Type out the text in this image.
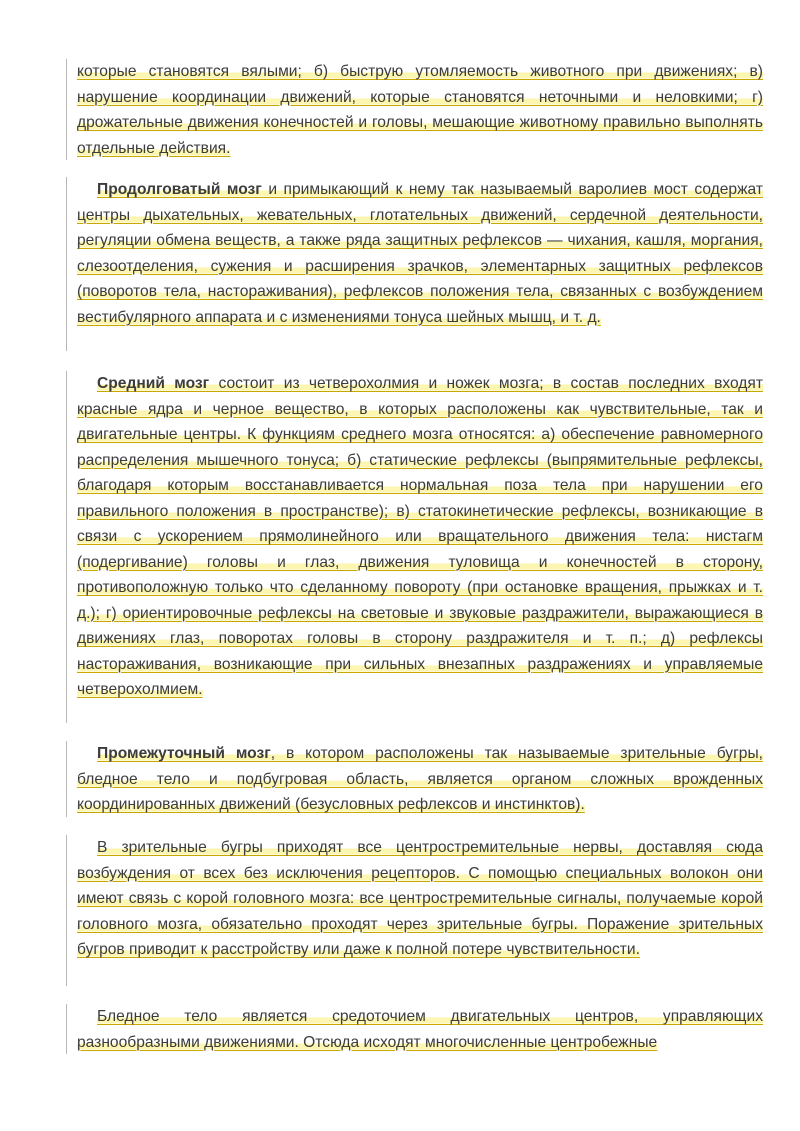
которые становятся вялыми; б) быструю утомляемость животного при движениях; в) нарушение координации движений, которые становятся неточными и неловкими; г) дрожательные движения конечностей и головы, мешающие животному правильно выполнять отдельные действия.
Продолговатый мозг и примыкающий к нему так называемый варолиев мост содержат центры дыхательных, жевательных, глотательных движений, сердечной деятельности, регуляции обмена веществ, а также ряда защитных рефлексов — чихания, кашля, моргания, слезоотделения, сужения и расширения зрачков, элементарных защитных рефлексов (поворотов тела, настораживания), рефлексов положения тела, связанных с возбуждением вестибулярного аппарата и с изменениями тонуса шейных мышц, и т. д.
Средний мозг состоит из четверохолмия и ножек мозга; в состав последних входят красные ядра и черное вещество, в которых расположены как чувствительные, так и двигательные центры. К функциям среднего мозга относятся: а) обеспечение равномерного распределения мышечного тонуса; б) статические рефлексы (выпрямительные рефлексы, благодаря которым восстанавливается нормальная поза тела при нарушении его правильного положения в пространстве); в) статокинетические рефлексы, возникающие в связи с ускорением прямолинейного или вращательного движения тела: нистагм (подергивание) головы и глаз, движения туловища и конечностей в сторону, противоположную только что сделанному повороту (при остановке вращения, прыжках и т. д.); г) ориентировочные рефлексы на световые и звуковые раздражители, выражающиеся в движениях глаз, поворотах головы в сторону раздражителя и т. п.; д) рефлексы настораживания, возникающие при сильных внезапных раздражениях и управляемые четверохолмием.
Промежуточный мозг, в котором расположены так называемые зрительные бугры, бледное тело и подбугровая область, является органом сложных врожденных координированных движений (безусловных рефлексов и инстинктов).
В зрительные бугры приходят все центростремительные нервы, доставляя сюда возбуждения от всех без исключения рецепторов. С помощью специальных волокон они имеют связь с корой головного мозга: все центростремительные сигналы, получаемые корой головного мозга, обязательно проходят через зрительные бугры. Поражение зрительных бугров приводит к расстройству или даже к полной потере чувствительности.
Бледное тело является средоточием двигательных центров, управляющих разнообразными движениями. Отсюда исходят многочисленные центробежные
